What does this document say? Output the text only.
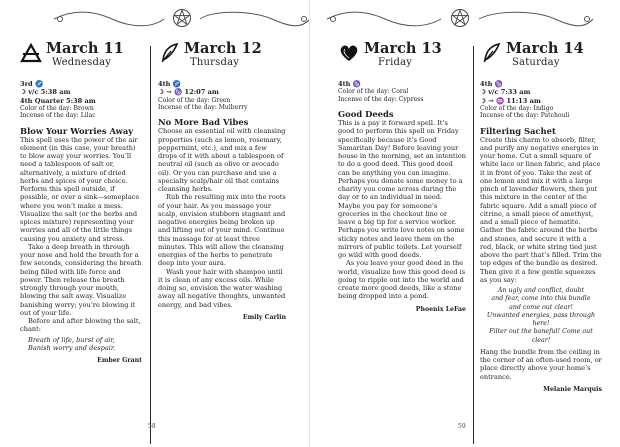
March 11
Wednesday
3rd ♐
☽ v/c 5:38 am
4th Quarter 5:38 am
Color of the day: Brown
Incense of the day: Lilac
Blow Your Worries Away

This spell uses the power of the air element (in this case, your breath) to blow away your worries. You’ll need a tablespoon of salt or, alternatively, a mixture of dried herbs and spices of your choice. Perform this spell outside, if possible, or over a sink—someplace where you won’t make a mess. Visualize the salt (or the herbs and spices mixture) representing your worries and all of the little things causing you anxiety and stress.

Take a deep breath in through your nose and hold the breath for a few seconds, considering the breath being filled with life force and power. Then release the breath strongly through your mouth, blowing the salt away. Visualize banishing worry; you’re blowing it out of your life.

Before and after blowing the salt, chant:

Breath of life, burst of air,
Banish worry and despair.
Ember Grant
March 12
Thursday
4th ♐
☽ → ♑ 12:07 am
Color of the day: Green
Incense of the day: Mulberry
No More Bad Vibes

Choose an essential oil with cleansing properties (such as lemon, rosemary, peppermint, etc.), and mix a few drops of it with about a tablespoon of neutral oil (such as olive or avocado oil). Or you can purchase and use a specialty scalp/hair oil that contains cleansing herbs.

Rub the resulting mix into the roots of your hair. As you massage your scalp, envision stubborn stagnant and negative energies being broken up and lifting out of your mind. Continue this massage for at least three minutes. This will allow the cleansing energies of the herbs to penetrate deep into your aura.

Wash your hair with shampoo until it is clean of any excess oils. While doing so, envision the water washing away all negative thoughts, unwanted energy, and bad vibes.

Emily Carlin
58
March 13
Friday
4th ♑
Color of the day: Coral
Incense of the day: Cypress
Good Deeds

This is a pay it forward spell. It’s good to perform this spell on Friday specifically because it’s Good Samaritan Day! Before leaving your house in the morning, set an intention to do a good deed. This good deed can be anything you can imagine. Perhaps you donate some money to a charity you come across during the day or to an individual in need. Maybe you pay for someone’s groceries in the checkout line or leave a big tip for a service worker. Perhaps you write love notes on some sticky notes and leave them on the mirrors of public toilets. Let yourself go wild with good deeds.

As you leave your good deed in the world, visualize how this good deed is going to ripple out into the world and create more good deeds, like a stone being dropped into a pond.

Phoenix LeFae
March 14
Saturday
4th ♑
☽ v/c 7:33 am
☽ → ♒ 11:13 am
Color of the day: Indigo
Incense of the day: Patchouli
Filtering Sachet

Create this charm to absorb, filter, and purify any negative energies in your home. Cut a small square of white lace or linen fabric, and place it in front of you. Take the zest of one lemon and mix it with a large pinch of lavender flowers, then put this mixture in the center of the fabric square. Add a small piece of citrine, a small piece of amethyst, and a small piece of hematite. Gather the fabric around the herbs and stones, and secure it with a red, black, or white string tied just above the part that’s filled. Trim the top edges of the bundle as desired. Then give it a few gentle squeezes as you say:

An ugly and conflict, doubt
and fear, come into this bundle
and come out clear!
Unwanted energies, pass through here!
Filter out the baneful! Come out clear!

Hang the bundle from the ceiling in the corner of an often-used room, or place directly above your home’s entrance.

Melanie Marquis
59
